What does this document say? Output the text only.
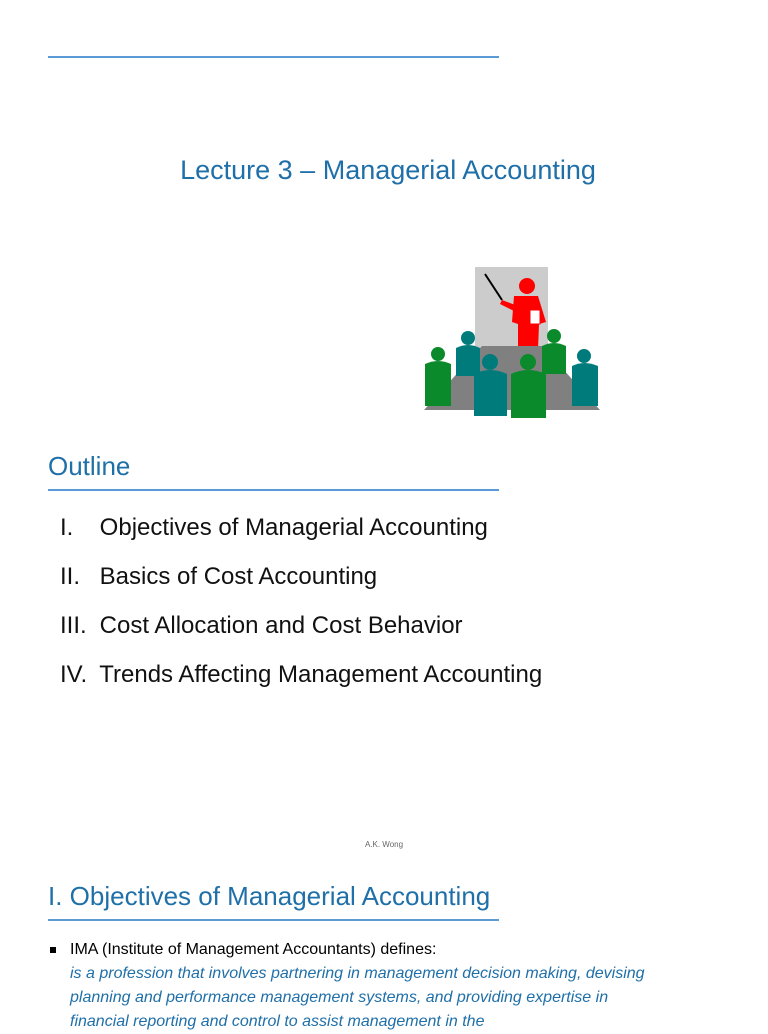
Lecture 3 – Managerial Accounting
Outline
I. Objectives of Managerial Accounting
II. Basics of Cost Accounting
III. Cost Allocation and Cost Behavior
IV. Trends Affecting Management Accounting
A.K. Wong
I. Objectives of Managerial Accounting
IMA (Institute of Management Accountants) defines:
is a profession that involves partnering in management decision making, devising planning and performance management systems, and providing expertise in financial reporting and control to assist management in the
